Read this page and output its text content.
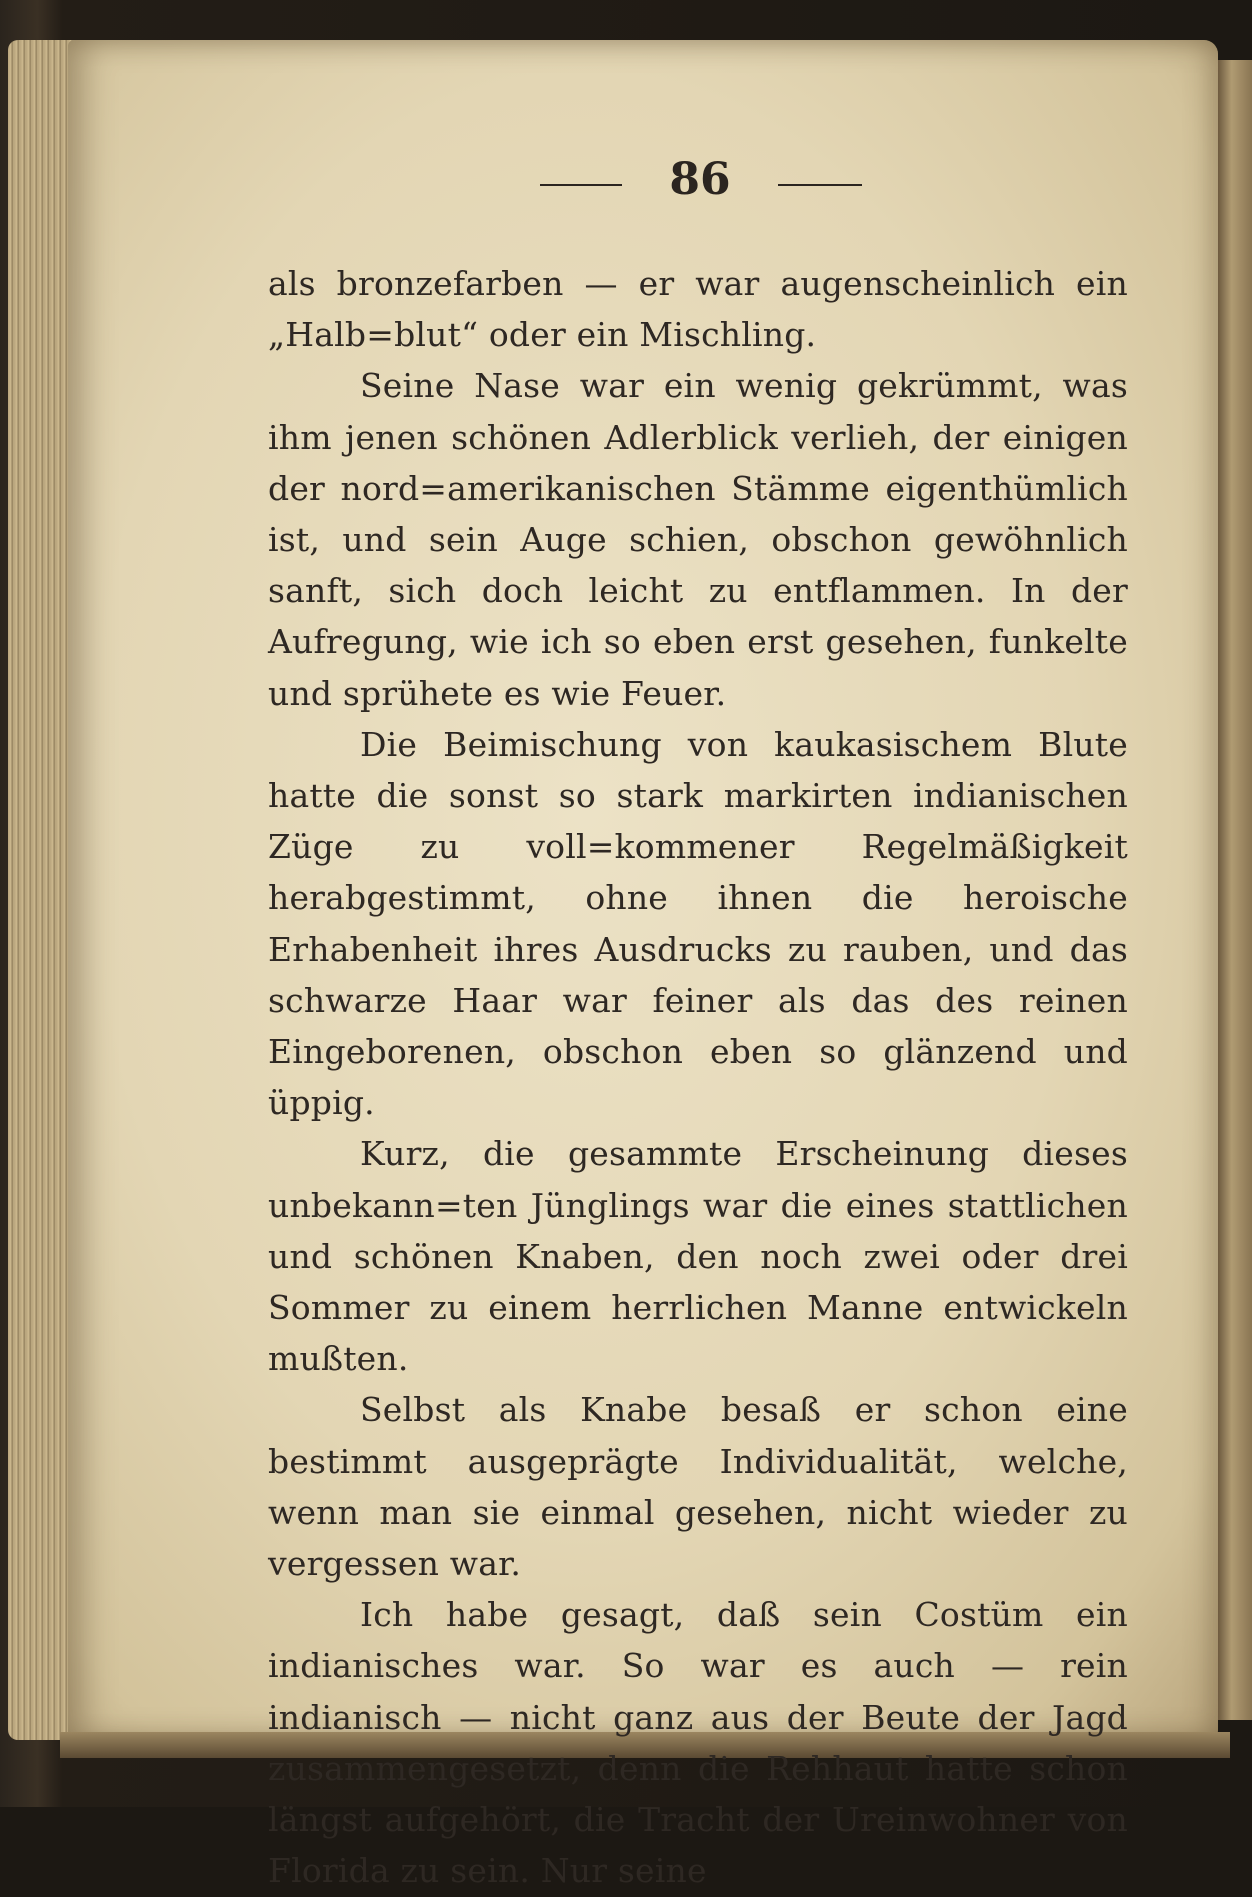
86

als bronzefarben — er war augenscheinlich ein „Halb=blut“ oder ein Mischling.

Seine Nase war ein wenig gekrümmt, was ihm jenen schönen Adlerblick verlieh, der einigen der nord=amerikanischen Stämme eigenthümlich ist, und sein Auge schien, obschon gewöhnlich sanft, sich doch leicht zu entflammen. In der Aufregung, wie ich so eben erst gesehen, funkelte und sprühete es wie Feuer.

Die Beimischung von kaukasischem Blute hatte die sonst so stark markirten indianischen Züge zu voll=kommener Regelmäßigkeit herabgestimmt, ohne ihnen die heroische Erhabenheit ihres Ausdrucks zu rauben, und das schwarze Haar war feiner als das des reinen Eingeborenen, obschon eben so glänzend und üppig.

Kurz, die gesammte Erscheinung dieses unbekann=ten Jünglings war die eines stattlichen und schönen Knaben, den noch zwei oder drei Sommer zu einem herrlichen Manne entwickeln mußten.

Selbst als Knabe besaß er schon eine bestimmt ausgeprägte Individualität, welche, wenn man sie einmal gesehen, nicht wieder zu vergessen war.

Ich habe gesagt, daß sein Costüm ein indianisches war. So war es auch — rein indianisch — nicht ganz aus der Beute der Jagd zusammengesetzt, denn die Rehhaut hatte schon längst aufgehört, die Tracht der Ureinwohner von Florida zu sein. Nur seine
